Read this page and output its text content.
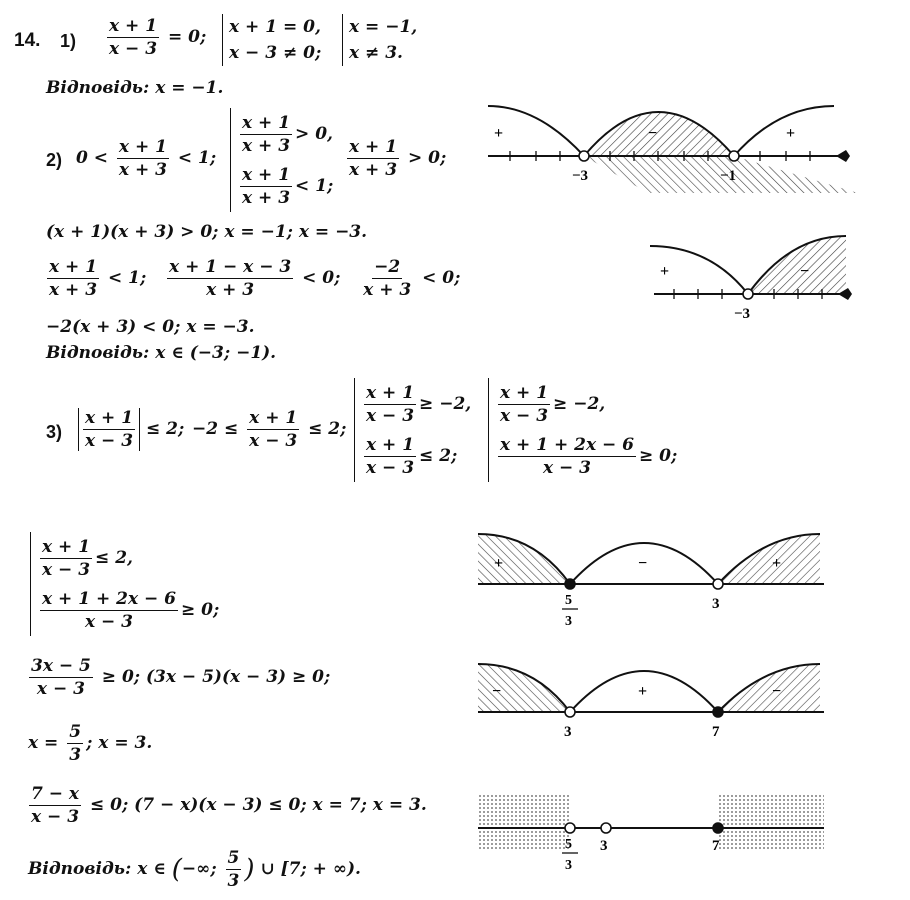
14. $1) \frac{x + 1}{x - 3} = 0$; x + 1 = 0,
x − 3 ≠ 0;
x = −1,
x ≠ 3.
Відповідь: x = −1.
2) $0 < \frac{x + 1}{x + 3} < 1$;
$\frac{x + 1}{x + 3} > 0$,
$\frac{x + 1}{x + 3} < 1$;
$\frac{x + 1}{x + 3} > 0$;
(x + 1)(x + 3) > 0; x = −1; x = −3.
$\frac{x + 1}{x + 3} < 1$; $\frac{x + 1 - x - 3}{x + 3} < 0$; $\frac{-2}{x + 3} < 0$;
−2(x + 3) < 0; x = −3.
Відповідь: x ∈ (−3; −1).
$3) \frac{x + 1}{x - 3} \le 2$; $-2 \le \frac{x + 1}{x - 3} \le 2$;
$\frac{x + 1}{x - 3} \ge -2$,
$\frac{x + 1}{x - 3} \le 2$;
$\frac{x + 1}{x - 3} \ge -2$,
$\frac{x + 1 + 2x - 6}{x - 3} \ge 0$;
$\frac{x + 1}{x - 3} \le 2$,
$\frac{x + 1 + 2x - 6}{x - 3} \ge 0$;
$\frac{3x - 5}{x - 3} \ge 0$; (3x − 5)(x − 3) ≥ 0;
$x = \frac{5}{3}$ ; x = 3.
$\frac{7 - x}{x - 3} \le 0$; (7 − x)(x − 3) ≤ 0; x = 7; x = 3.
Відповідь: x ∈ (−∞; $\frac{5}{3}$ ) ∪ [7; + ∞).
+	−	+
−3	−1
+	−
−3
+	−	+
5
3
3
−	+	−
3	7
5
3
3	7
